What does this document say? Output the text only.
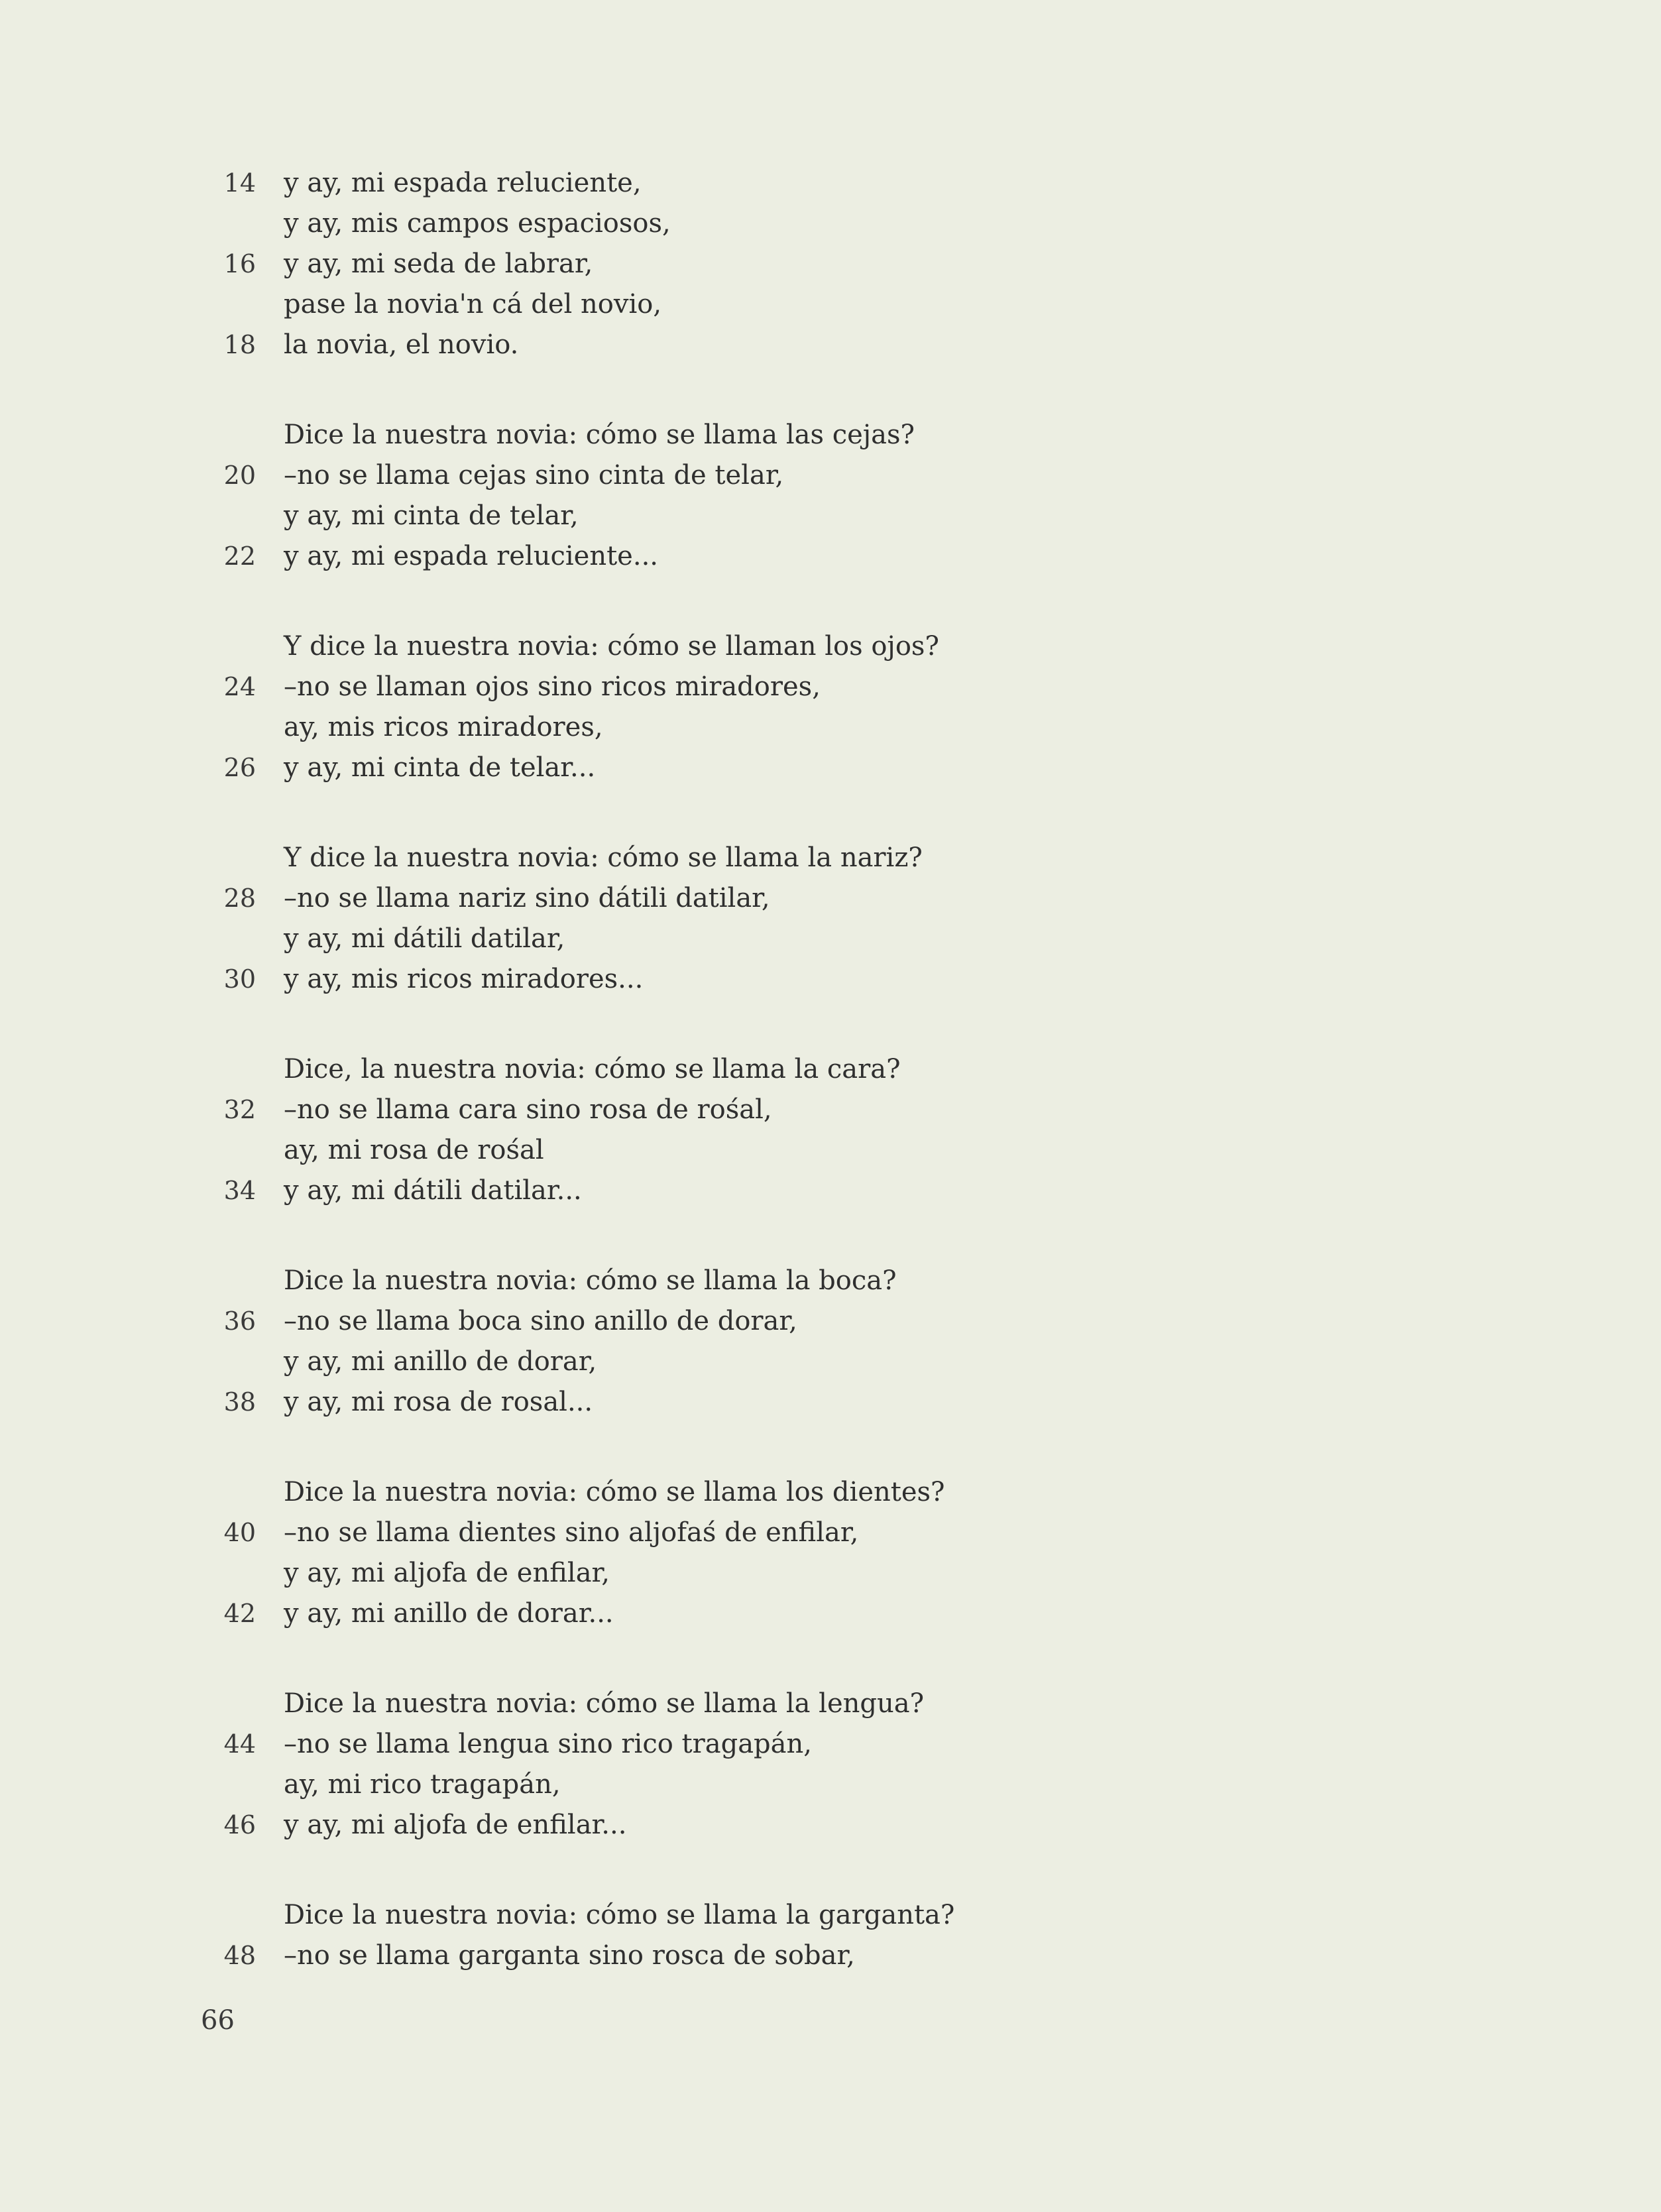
14	y ay, mi espada reluciente,
y ay, mis campos espaciosos,
16	y ay, mi seda de labrar,
pase la novia'n cá del novio,
18	la novia, el novio.
Dice la nuestra novia: cómo se llama las cejas?
20	–no se llama cejas sino cinta de telar,
y ay, mi cinta de telar,
22	y ay, mi espada reluciente...
Y dice la nuestra novia: cómo se llaman los ojos?
24	–no se llaman ojos sino ricos miradores,
ay, mis ricos miradores,
26	y ay, mi cinta de telar...
Y dice la nuestra novia: cómo se llama la nariz?
28	–no se llama nariz sino dátili datilar,
y ay, mi dátili datilar,
30	y ay, mis ricos miradores...
Dice, la nuestra novia: cómo se llama la cara?
32	–no se llama cara sino rosa de rośal,
ay, mi rosa de rośal
34	y ay, mi dátili datilar...
Dice la nuestra novia: cómo se llama la boca?
36	–no se llama boca sino anillo de dorar,
y ay, mi anillo de dorar,
38	y ay, mi rosa de rosal...
Dice la nuestra novia: cómo se llama los dientes?
40	–no se llama dientes sino aljofaś de enfilar,
y ay, mi aljofa de enfilar,
42	y ay, mi anillo de dorar...
Dice la nuestra novia: cómo se llama la lengua?
44	–no se llama lengua sino rico tragapán,
ay, mi rico tragapán,
46	y ay, mi aljofa de enfilar...
Dice la nuestra novia: cómo se llama la garganta?
48	–no se llama garganta sino rosca de sobar,
66
